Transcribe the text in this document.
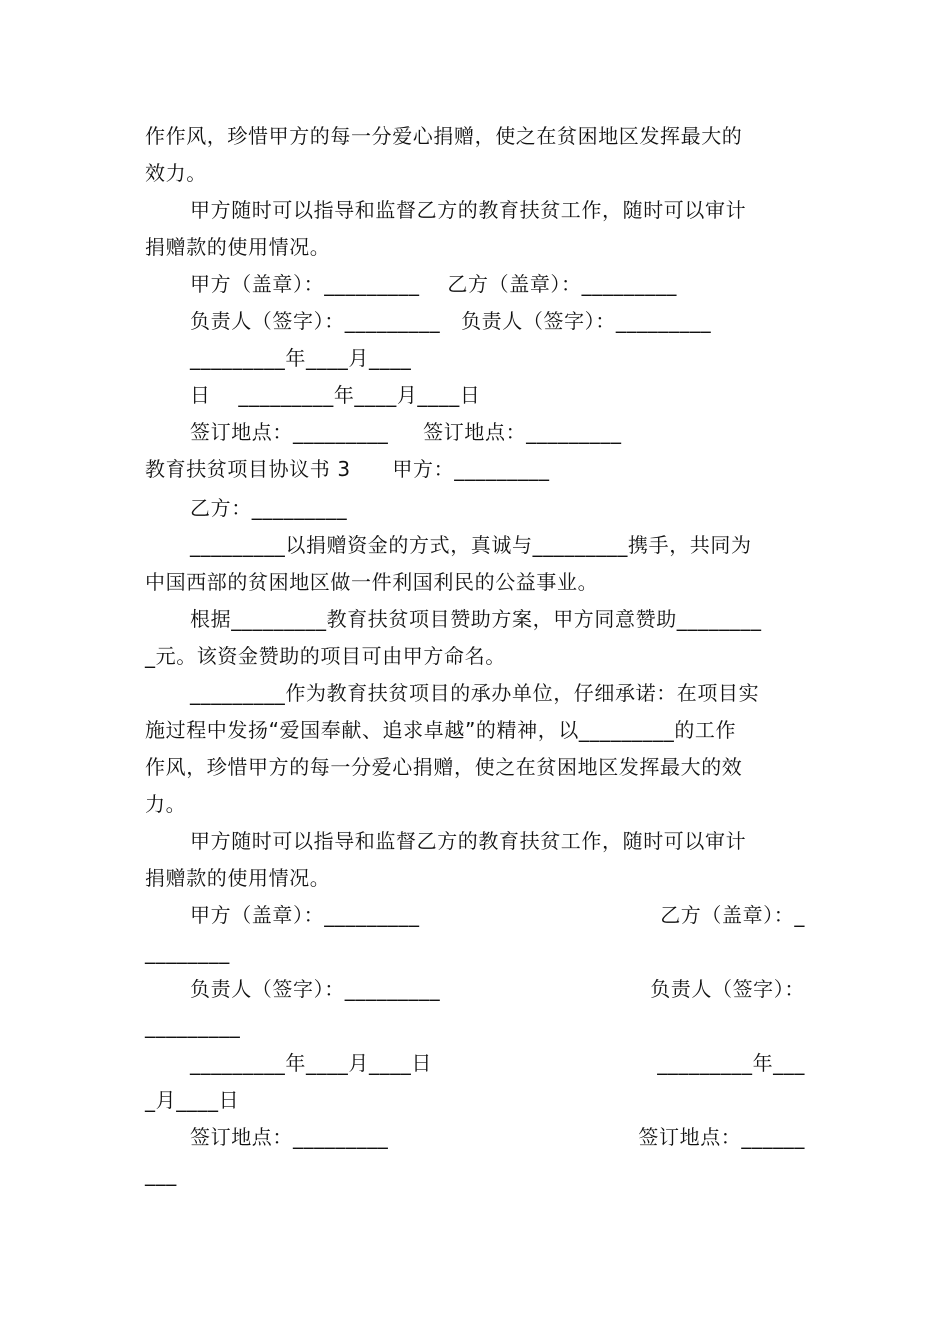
作作风，珍惜甲方的每一分爱心捐赠，使之在贫困地区发挥最大的
效力。
甲方随时可以指导和监督乙方的教育扶贫工作，随时可以审计
捐赠款的使用情况。
甲方（盖章）：_________    乙方（盖章）：_________
负责人（签字）：_________   负责人（签字）：_________
_________年____月____
日    _________年____月____日
签订地点：_________     签订地点：_________
教育扶贫项目协议书 3      甲方：_________
乙方：_________
_________以捐赠资金的方式，真诚与_________携手，共同为
中国西部的贫困地区做一件利国利民的公益事业。
根据_________教育扶贫项目赞助方案，甲方同意赞助________
_元。该资金赞助的项目可由甲方命名。
_________作为教育扶贫项目的承办单位，仔细承诺：在项目实
施过程中发扬“爱国奉献、追求卓越”的精神，以_________的工作
作风，珍惜甲方的每一分爱心捐赠，使之在贫困地区发挥最大的效
力。
甲方随时可以指导和监督乙方的教育扶贫工作，随时可以审计
捐赠款的使用情况。
甲方（盖章）：_________	乙方（盖章）：_
________
负责人（签字）：_________	负责人（签字）：
_________
_________年____月____日	_________年___
_月____日
签订地点：_________	签订地点：______
___
